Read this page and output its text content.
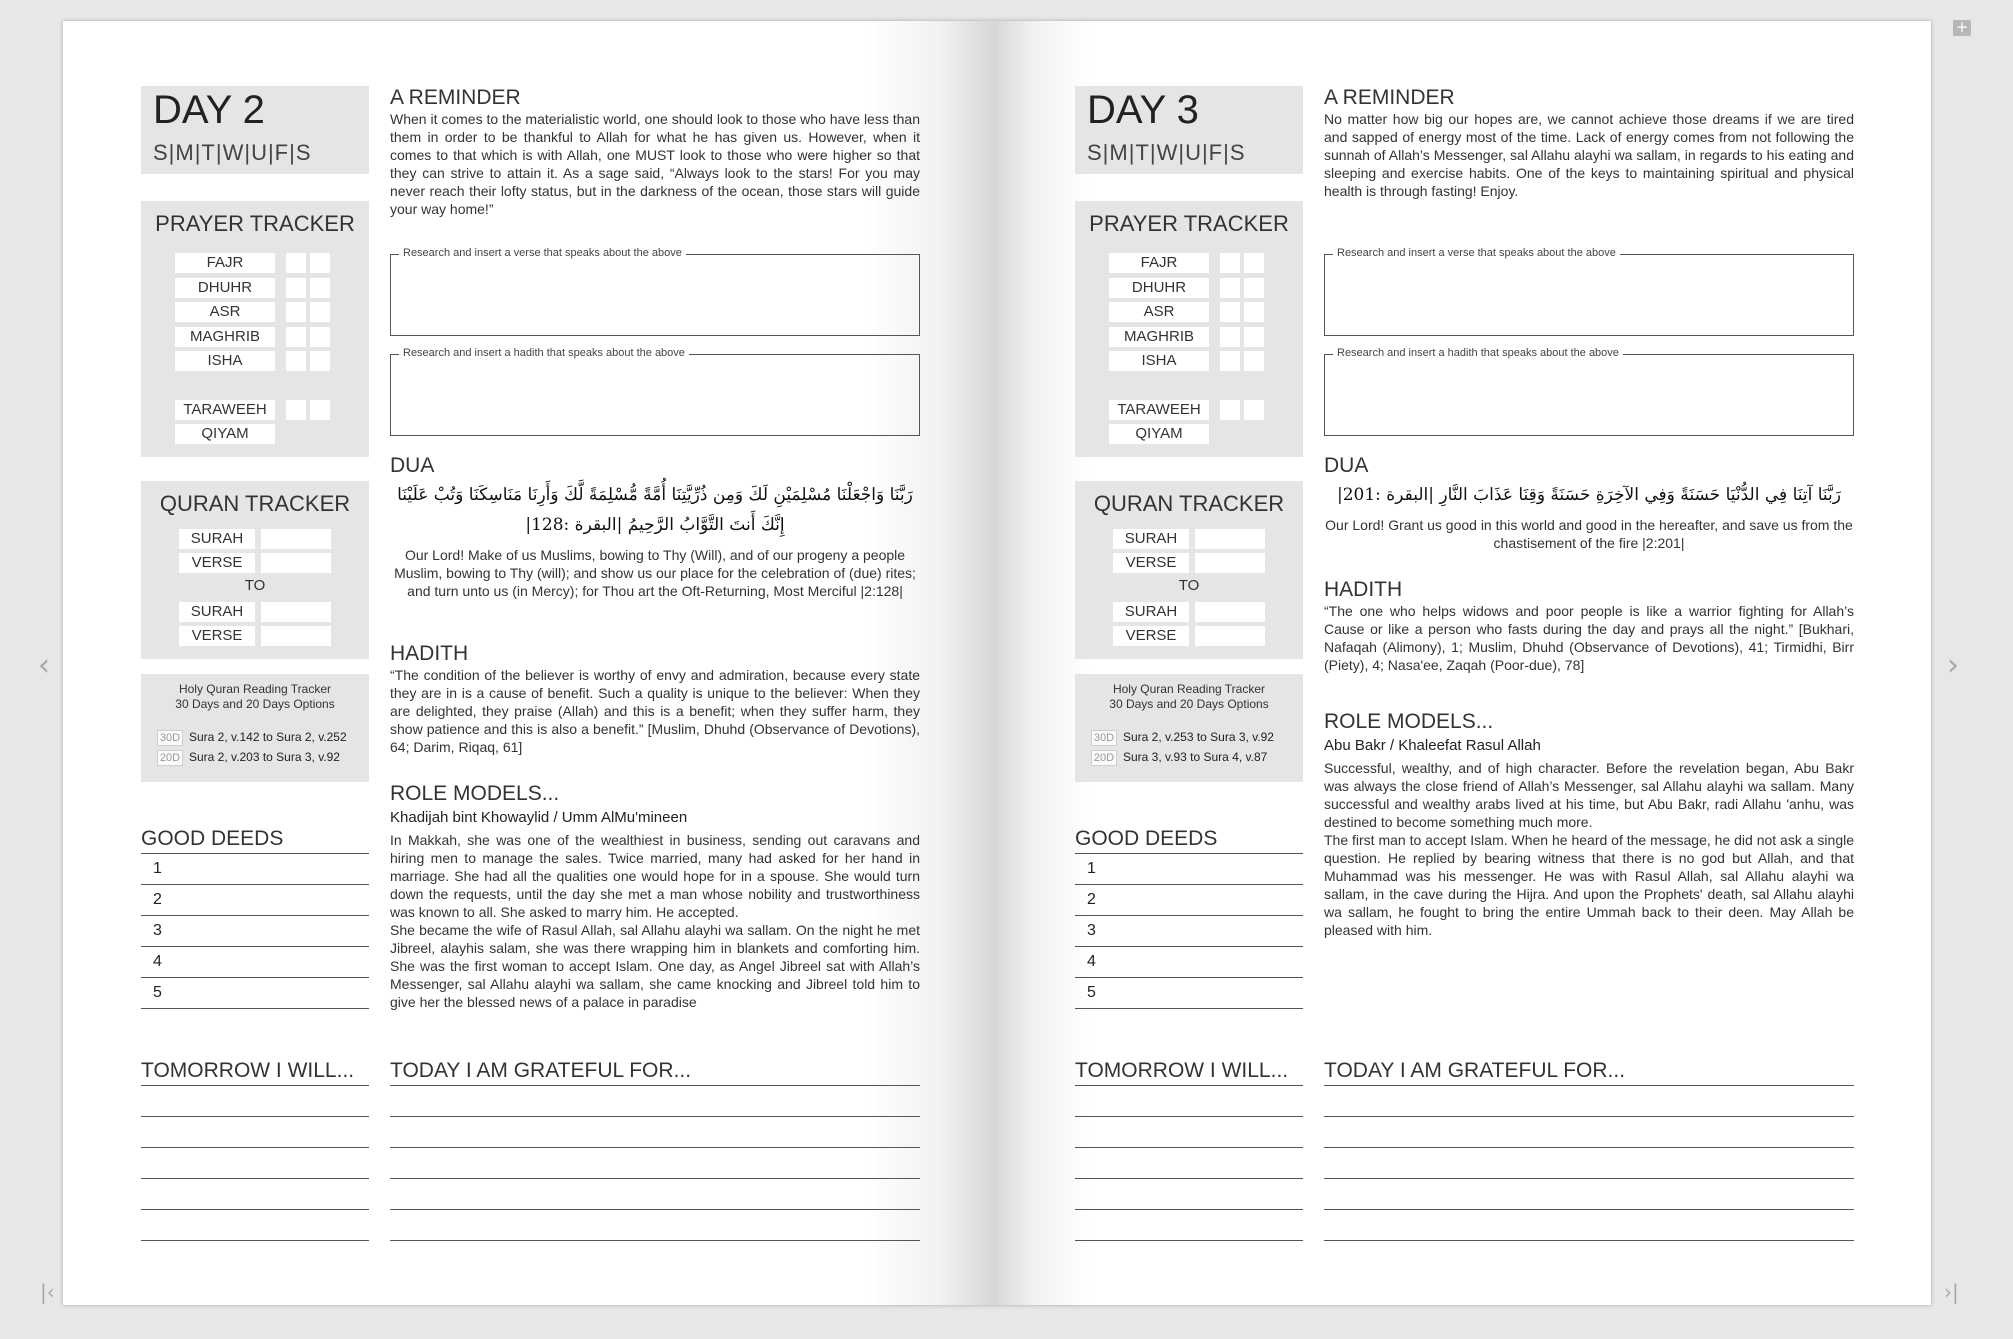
+
‹	›
|‹	›|
DAY 2
S|M|T|W|U|F|S
PRAYER TRACKER
FAJR
DHUHR
ASR
MAGHRIB
ISHA
TARAWEEH
QIYAM
QURAN TRACKER
SURAH
VERSE
TO
SURAH
VERSE
Holy Quran Reading Tracker
30 Days and 20 Days Options
30D Sura 2, v.142 to Sura 2, v.252
20D Sura 2, v.203 to Sura 3, v.92
GOOD DEEDS
1
2
3
4
5
TOMORROW I WILL...
A REMINDER
When it comes to the materialistic world, one should look to those who have less than them in order to be thankful to Allah for what he has given us. However, when it comes to that which is with Allah, one MUST look to those who were higher so that they can strive to attain it. As a sage said, “Always look to the stars! For you may never reach their lofty status, but in the darkness of the ocean, those stars will guide your way home!”
Research and insert a verse that speaks about the above
Research and insert a hadith that speaks about the above
DUA
رَبَّنَا وَاجْعَلْنَا مُسْلِمَيْنِ لَكَ وَمِن ذُرِّيَّتِنَا أُمَّةً مُّسْلِمَةً لَّكَ وَأَرِنَا مَنَاسِكَنَا وَتُبْ عَلَيْنَا إِنَّكَ أَنتَ التَّوَّابُ الرَّحِيمُ |البقرة :128|
Our Lord! Make of us Muslims, bowing to Thy (Will), and of our progeny a people Muslim, bowing to Thy (will); and show us our place for the celebration of (due) rites; and turn unto us (in Mercy); for Thou art the Oft-Returning, Most Merciful |2:128|
HADITH
“The condition of the believer is worthy of envy and admiration, because every state they are in is a cause of benefit. Such a quality is unique to the believer: When they are delighted, they praise (Allah) and this is a benefit; when they suffer harm, they show patience and this is also a benefit.” [Muslim, Dhuhd (Observance of Devotions), 64; Darim, Riqaq, 61]
ROLE MODELS...
Khadijah bint Khowaylid / Umm AlMu'mineen
In Makkah, she was one of the wealthiest in business, sending out caravans and hiring men to manage the sales. Twice married, many had asked for her hand in marriage. She had all the qualities one would hope for in a spouse. She would turn down the requests, until the day she met a man whose nobility and trustworthiness was known to all. She asked to marry him. He accepted.
She became the wife of Rasul Allah, sal Allahu alayhi wa sallam. On the night he met Jibreel, alayhis salam, she was there wrapping him in blankets and comforting him. She was the first woman to accept Islam. One day, as Angel Jibreel sat with Allah’s Messenger, sal Allahu alayhi wa sallam, she came knocking and Jibreel told him to give her the blessed news of a palace in paradise
TODAY I AM GRATEFUL FOR...
DAY 3
S|M|T|W|U|F|S
PRAYER TRACKER
FAJR
DHUHR
ASR
MAGHRIB
ISHA
TARAWEEH
QIYAM
QURAN TRACKER
SURAH
VERSE
TO
SURAH
VERSE
Holy Quran Reading Tracker
30 Days and 20 Days Options
30D Sura 2, v.253 to Sura 3, v.92
20D Sura 3, v.93 to Sura 4, v.87
GOOD DEEDS
1
2
3
4
5
TOMORROW I WILL...
A REMINDER
No matter how big our hopes are, we cannot achieve those dreams if we are tired and sapped of energy most of the time. Lack of energy comes from not following the sunnah of Allah’s Messenger, sal Allahu alayhi wa sallam, in regards to his eating and sleeping and exercise habits. One of the keys to maintaining spiritual and physical health is through fasting! Enjoy.
Research and insert a verse that speaks about the above
Research and insert a hadith that speaks about the above
DUA
رَبَّنَا آتِنَا فِي الدُّنْيَا حَسَنَةً وَفِي الآخِرَةِ حَسَنَةً وَقِنَا عَذَابَ النَّارِ |البقرة :201|
Our Lord! Grant us good in this world and good in the hereafter, and save us from the chastisement of the fire |2:201|
HADITH
“The one who helps widows and poor people is like a warrior fighting for Allah’s Cause or like a person who fasts during the day and prays all the night.” [Bukhari, Nafaqah (Alimony), 1; Muslim, Dhuhd (Observance of Devotions), 41; Tirmidhi, Birr (Piety), 4; Nasa'ee, Zaqah (Poor-due), 78]
ROLE MODELS...
Abu Bakr / Khaleefat Rasul Allah
Successful, wealthy, and of high character. Before the revelation began, Abu Bakr was always the close friend of Allah’s Messenger, sal Allahu alayhi wa sallam. Many successful and wealthy arabs lived at his time, but Abu Bakr, radi Allahu 'anhu, was destined to become something much more.
The first man to accept Islam. When he heard of the message, he did not ask a single question. He replied by bearing witness that there is no god but Allah, and that Muhammad was his messenger. He was with Rasul Allah, sal Allahu alayhi wa sallam, in the cave during the Hijra. And upon the Prophets' death, sal Allahu alayhi wa sallam, he fought to bring the entire Ummah back to their deen. May Allah be pleased with him.
TODAY I AM GRATEFUL FOR...
